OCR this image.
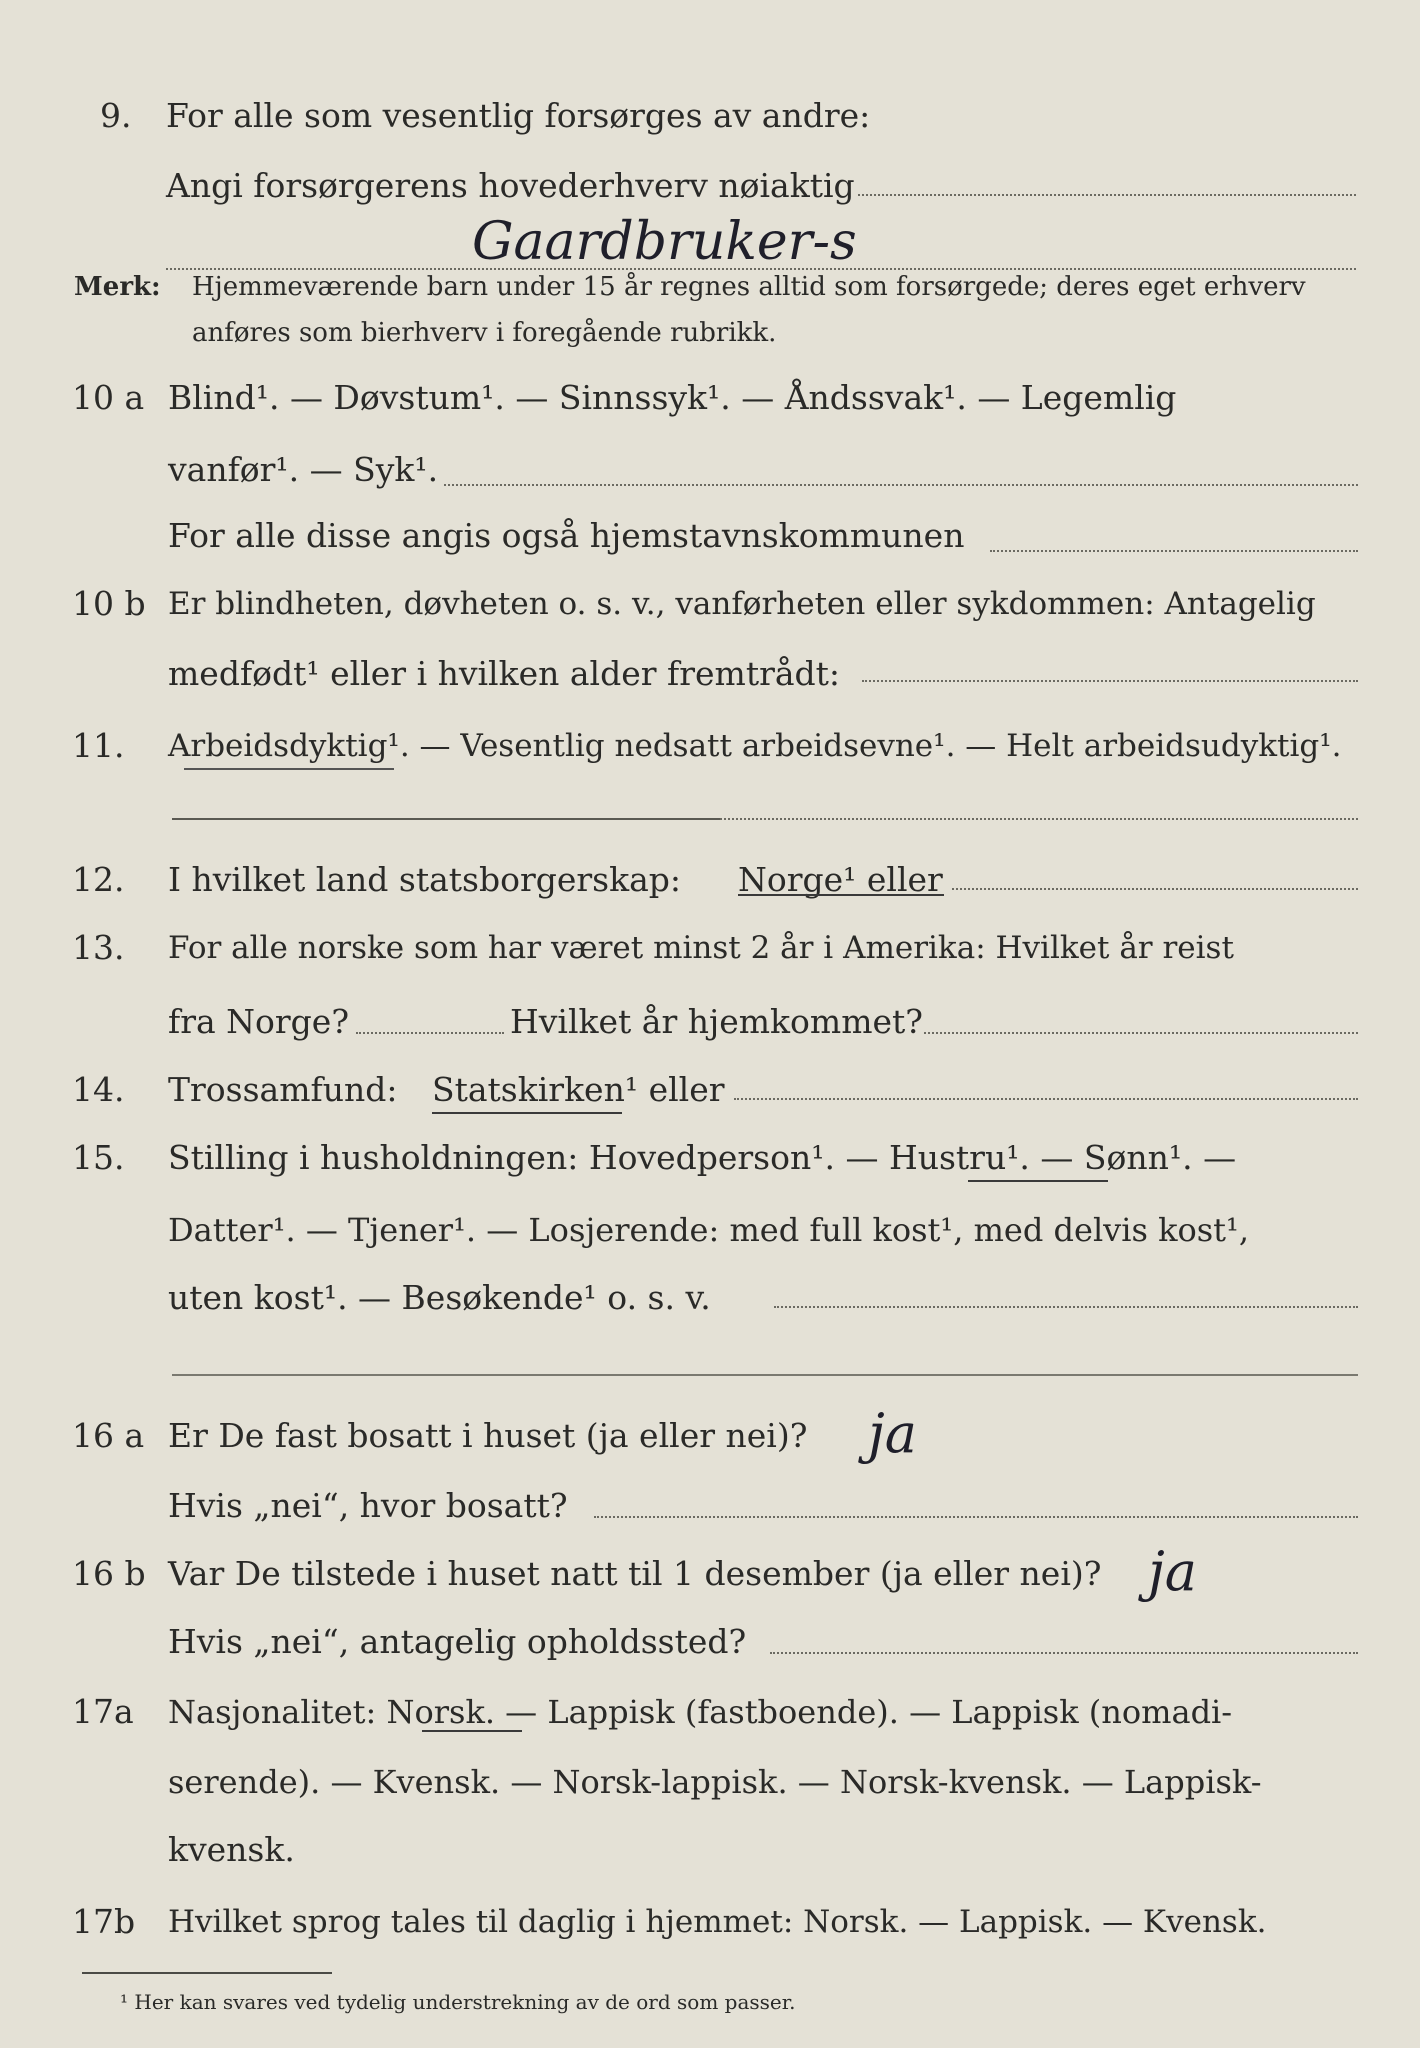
9. For alle som vesentlig forsørges av andre:
Angi forsørgerens hovederhverv nøiaktig
Gaardbruker-s
Merk: Hjemmeværende barn under 15 år regnes alltid som forsørgede; deres eget erhverv
anføres som bierhverv i foregående rubrikk.
10 a Blind¹. — Døvstum¹. — Sinnssyk¹. — Åndssvak¹. — Legemlig
vanfør¹. — Syk¹.
For alle disse angis også hjemstavnskommunen
10 b Er blindheten, døvheten o. s. v., vanførheten eller sykdommen: Antagelig
medfødt¹ eller i hvilken alder fremtrådt:
11. Arbeidsdyktig¹. — Vesentlig nedsatt arbeidsevne¹. — Helt arbeidsudyktig¹.
12. I hvilket land statsborgerskap: Norge¹ eller
13. For alle norske som har været minst 2 år i Amerika: Hvilket år reist
fra Norge?	Hvilket år hjemkommet?
14. Trossamfund: Statskirken¹ eller
15. Stilling i husholdningen: Hovedperson¹. — Hustru¹. — Sønn¹. —
Datter¹. — Tjener¹. — Losjerende: med full kost¹, med delvis kost¹,
uten kost¹. — Besøkende¹ o. s. v.
16 a Er De fast bosatt i huset (ja eller nei)? ja
Hvis „nei“, hvor bosatt?
16 b Var De tilstede i huset natt til 1 desember (ja eller nei)? ja
Hvis „nei“, antagelig opholdssted?
17a Nasjonalitet: Norsk. — Lappisk (fastboende). — Lappisk (nomadi-
serende). — Kvensk. — Norsk-lappisk. — Norsk-kvensk. — Lappisk-
kvensk.
17b Hvilket sprog tales til daglig i hjemmet: Norsk. — Lappisk. — Kvensk.
¹ Her kan svares ved tydelig understrekning av de ord som passer.
